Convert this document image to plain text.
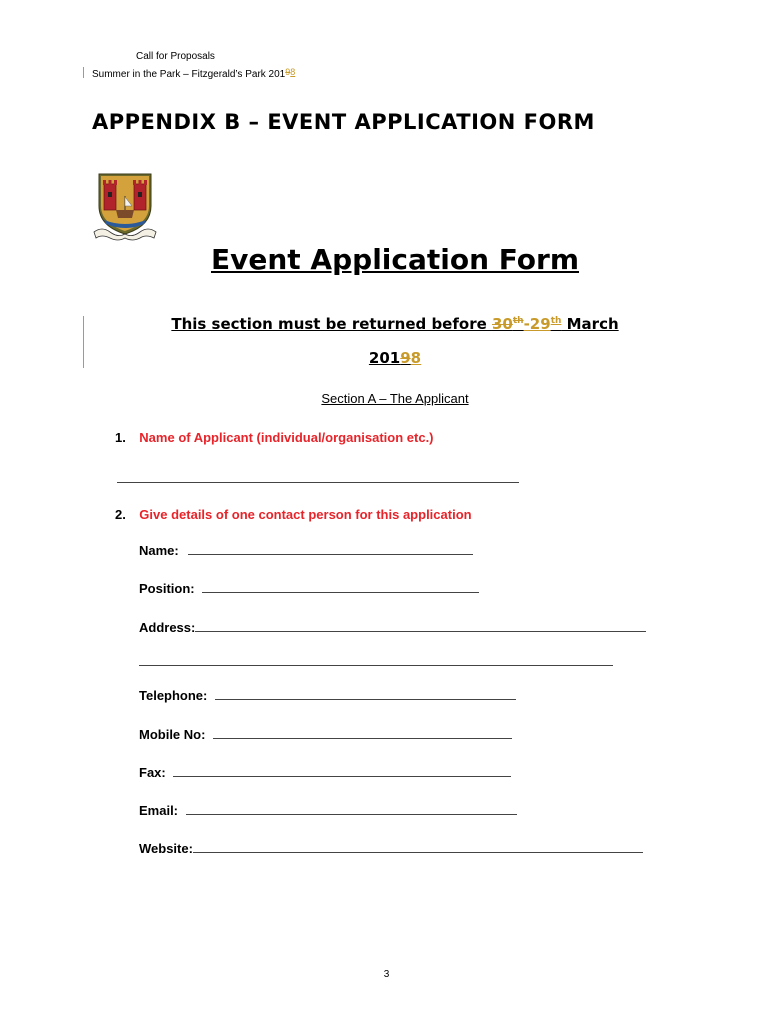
Call for Proposals
Summer in the Park – Fitzgerald’s Park 20198
APPENDIX B – EVENT APPLICATION FORM
Event Application Form
This section must be returned before 30th-29th March
20198
Section A – The Applicant
1. Name of Applicant (individual/organisation etc.)
2. Give details of one contact person for this application
Name:
Position:
Address:
Telephone:
Mobile No:
Fax:
Email:
Website:
3
